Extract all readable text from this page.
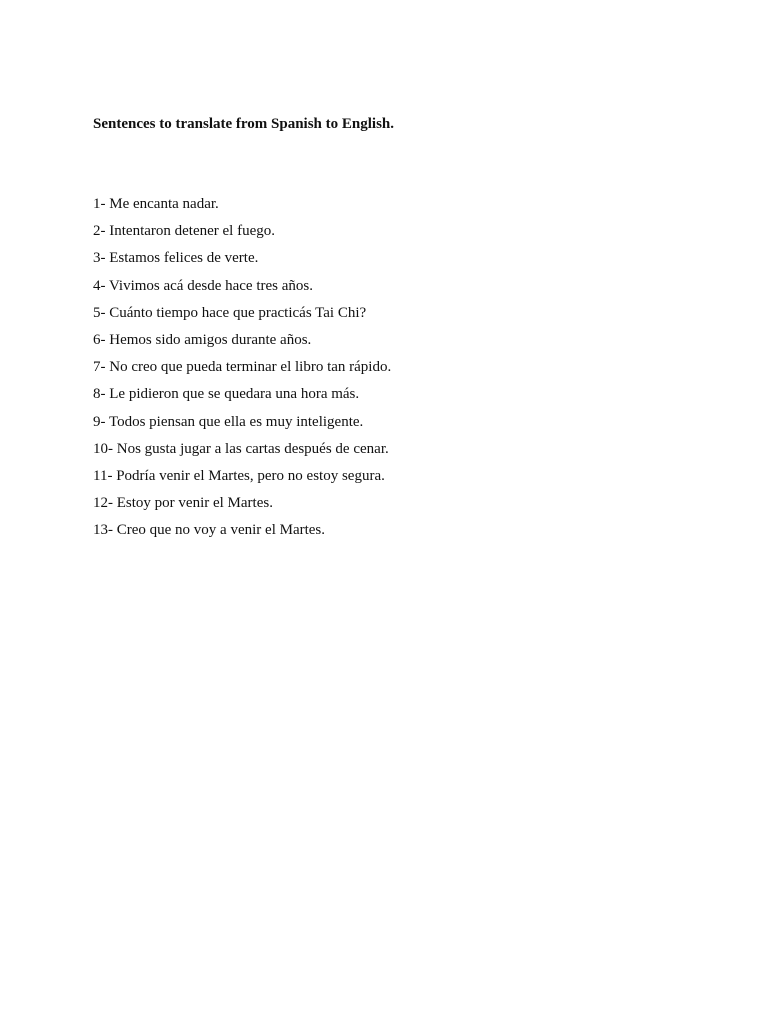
Sentences to translate from Spanish to English.
1- Me encanta nadar.
2- Intentaron detener el fuego.
3- Estamos felices de verte.
4- Vivimos acá desde hace tres años.
5- Cuánto tiempo hace que practicás Tai Chi?
6- Hemos sido amigos durante años.
7- No creo que pueda terminar el libro tan rápido.
8- Le pidieron que se quedara una hora más.
9- Todos piensan que ella es muy inteligente.
10- Nos gusta jugar a las cartas después de cenar.
11- Podría venir el Martes, pero no estoy segura.
12- Estoy por venir el Martes.
13- Creo que no voy a venir el Martes.
